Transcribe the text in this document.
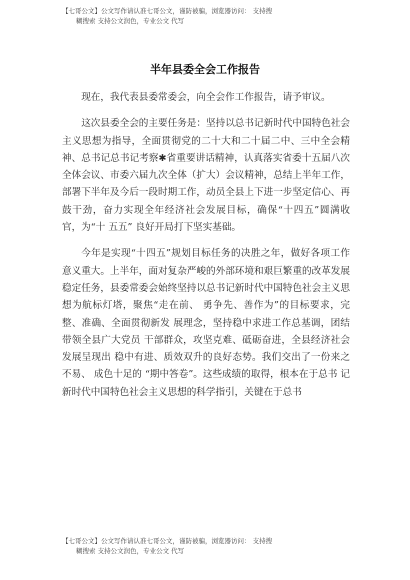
【七哥公文】公文写作请认准七哥公文，谨防被骗，浏览器访问： 支持搜
糊搜索 支持公文润色，专业公文 代写
半年县委全会工作报告

现在，我代表县委常委会，向全会作工作报告，请予审议。

这次县委全会的主要任务是：坚持以总书记新时代中国特色社会主义思想为指导，全面贯彻党的二十大和二十届二中、三中全会精神、总书记总书记考察✱省重要讲话精神，认真落实省委十五届八次全体会议、市委六届九次全体（扩大）会议精神，总结上半年工作，部署下半年及今后一段时期工作，动员全县上下进一步坚定信心、再鼓干劲，奋力实现全年经济社会发展目标，确保“十四五”圆满收官，为“十 五五” 良好开局打下坚实基础。

今年是实现“十四五”规划目标任务的决胜之年，做好各项工作意义重大。上半年，面对复杂严峻的外部环境和艰巨繁重的改革发展稳定任务，县委常委会始终坚持以总书记新时代中国特色社会主义思想为航标灯塔，聚焦“走在前、 勇争先、善作为”的目标要求，完整、准确、全面贯彻新发 展理念，坚持稳中求进工作总基调，团结带领全县广大党员 干部群众，攻坚克难、砥砺奋进，全县经济社会发展呈现出 稳中有进、质效双升的良好态势。我们交出了一份来之不易、 成色十足的 “期中答卷”。这些成绩的取得，根本在于总书 记新时代中国特色社会主义思想的科学指引，关键在于总书

【七哥公文】公文写作请认准七哥公文，谨防被骗，浏览器访问： 支持搜
糊搜索 支持公文润色，专业公文 代写
